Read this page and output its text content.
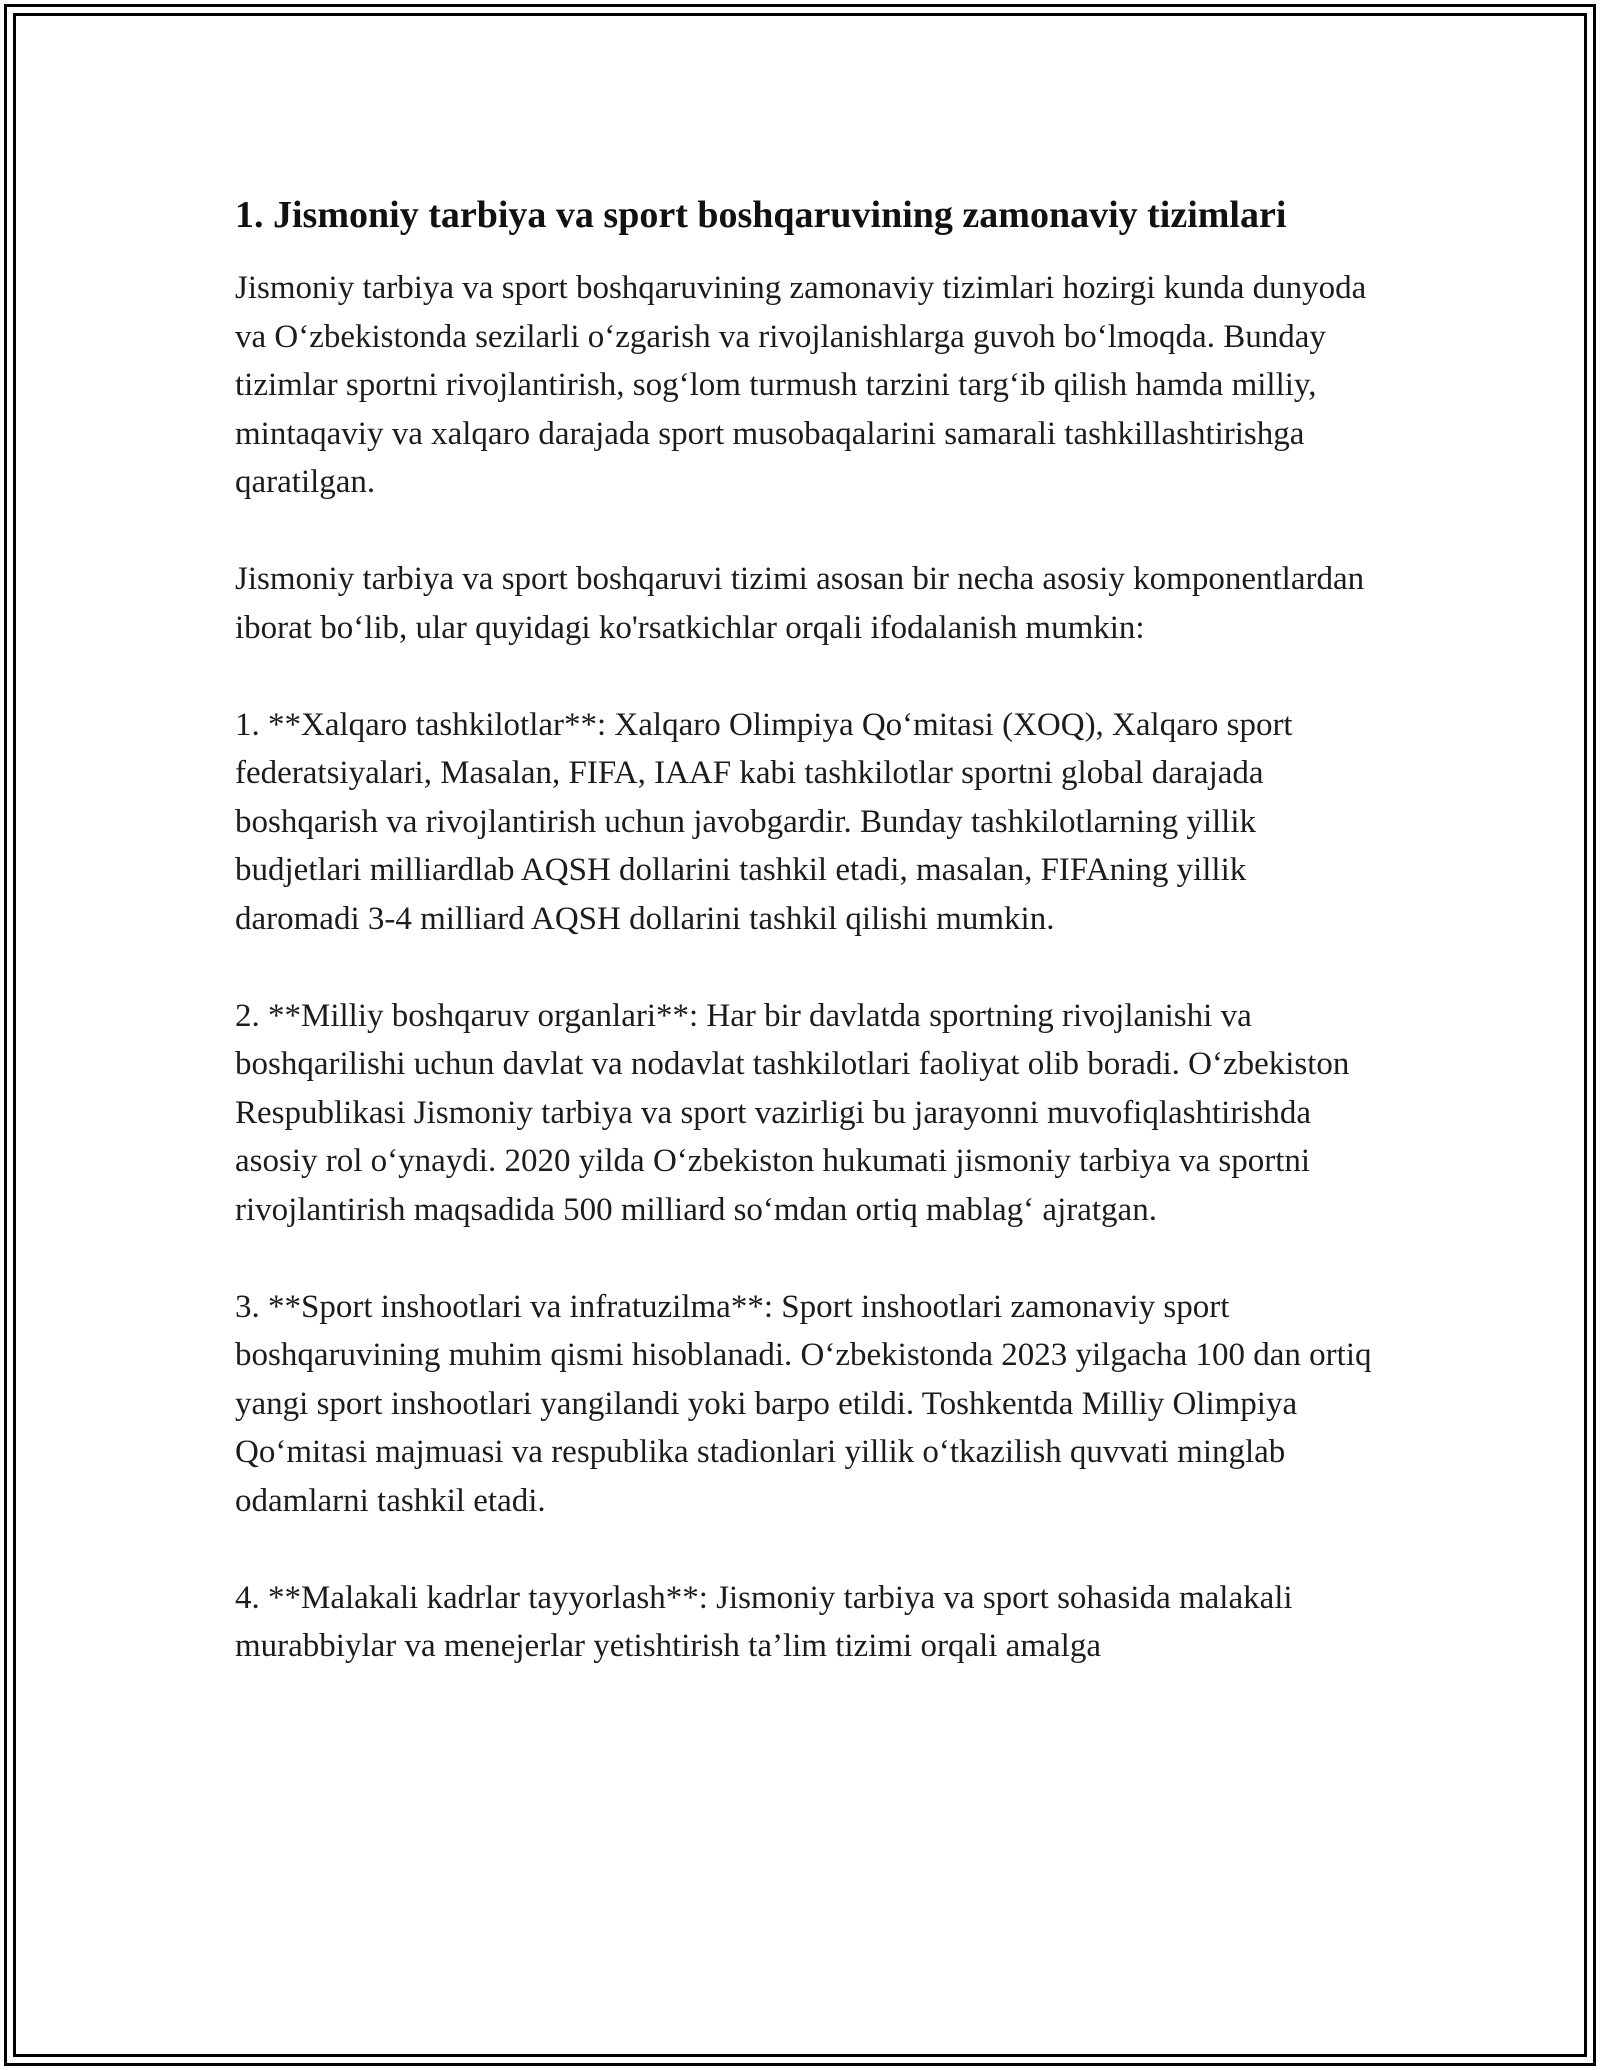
1. Jismoniy tarbiya va sport boshqaruvining zamonaviy tizimlari

Jismoniy tarbiya va sport boshqaruvining zamonaviy tizimlari hozirgi kunda dunyoda va O‘zbekistonda sezilarli o‘zgarish va rivojlanishlarga guvoh bo‘lmoqda. Bunday tizimlar sportni rivojlantirish, sog‘lom turmush tarzini targ‘ib qilish hamda milliy, mintaqaviy va xalqaro darajada sport musobaqalarini samarali tashkillashtirishga qaratilgan.

Jismoniy tarbiya va sport boshqaruvi tizimi asosan bir necha asosiy komponentlardan iborat bo‘lib, ular quyidagi ko'rsatkichlar orqali ifodalanish mumkin:

1. **Xalqaro tashkilotlar**: Xalqaro Olimpiya Qo‘mitasi (XOQ), Xalqaro sport federatsiyalari, Masalan, FIFA, IAAF kabi tashkilotlar sportni global darajada boshqarish va rivojlantirish uchun javobgardir. Bunday tashkilotlarning yillik budjetlari milliardlab AQSH dollarini tashkil etadi, masalan, FIFAning yillik daromadi 3-4 milliard AQSH dollarini tashkil qilishi mumkin.

2. **Milliy boshqaruv organlari**: Har bir davlatda sportning rivojlanishi va boshqarilishi uchun davlat va nodavlat tashkilotlari faoliyat olib boradi. O‘zbekiston Respublikasi Jismoniy tarbiya va sport vazirligi bu jarayonni muvofiqlashtirishda asosiy rol o‘ynaydi. 2020 yilda O‘zbekiston hukumati jismoniy tarbiya va sportni rivojlantirish maqsadida 500 milliard so‘mdan ortiq mablag‘ ajratgan.

3. **Sport inshootlari va infratuzilma**: Sport inshootlari zamonaviy sport boshqaruvining muhim qismi hisoblanadi. O‘zbekistonda 2023 yilgacha 100 dan ortiq yangi sport inshootlari yangilandi yoki barpo etildi. Toshkentda Milliy Olimpiya Qo‘mitasi majmuasi va respublika stadionlari yillik o‘tkazilish quvvati minglab odamlarni tashkil etadi.

4. **Malakali kadrlar tayyorlash**: Jismoniy tarbiya va sport sohasida malakali murabbiylar va menejerlar yetishtirish ta’lim tizimi orqali amalga
